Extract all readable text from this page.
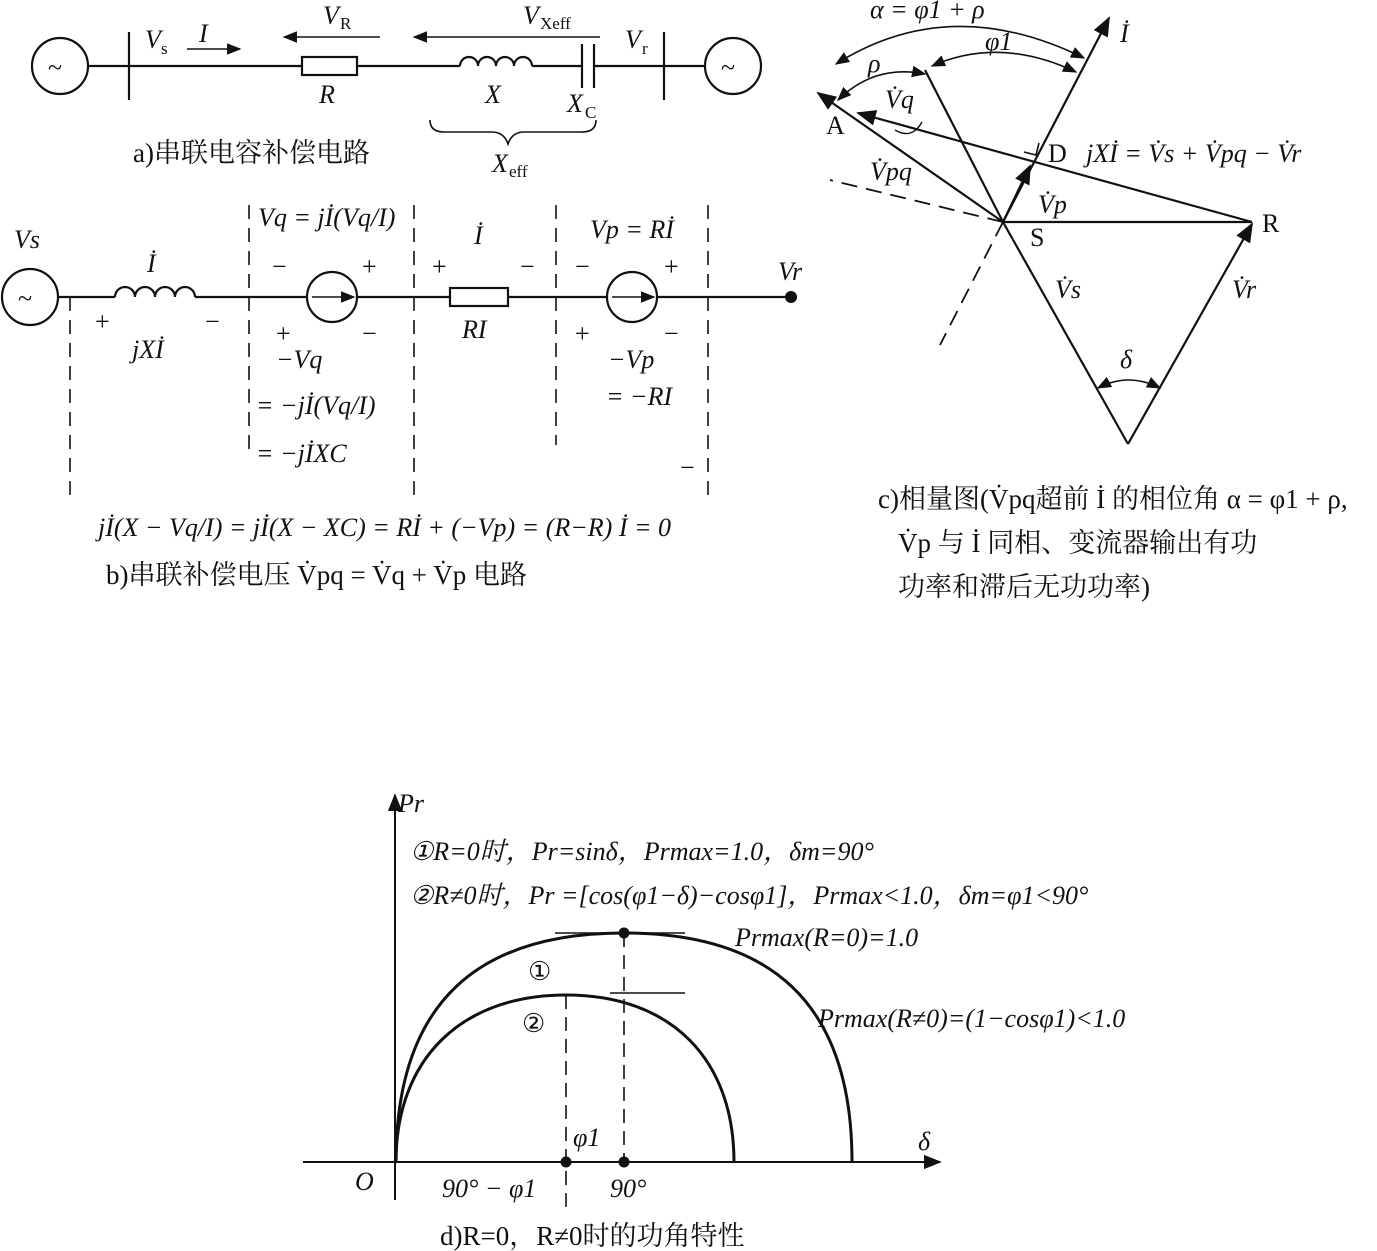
~	~
V s
I
V R
R
V Xeff
X	X C
V r
X eff
a)串联电容补偿电路
~
Vs
İ
+	−
jXİ
Vq = jİ(Vq/I)
−	+
+	−
−Vq
= −jİ(Vq/I)
= −jİXC
İ
+	−
RI
Vp = Rİ
−	+
+	−
−Vp
= −RI
−
Vr
jİ(X − Vq/I) = jİ(X − XC) = Rİ + (−Vp) = (R−R) İ = 0
b)串联补偿电压 V̇pq = V̇q + V̇p 电路
α = φ1 + ρ
φ1
ρ
İ
A
V̇q
V̇pq
D jXİ = V̇s + V̇pq − V̇r
V̇p
S	R
V̇s	V̇r
δ
c)相量图(V̇pq超前 İ 的相位角 α = φ1 + ρ,
V̇p 与 İ 同相、变流器输出有功
功率和滞后无功功率)
Pr
δ
O
①R=0时，Pr=sinδ，Prmax=1.0，δm=90°
②R≠0时，Pr =[cos(φ1−δ)−cosφ1]，Prmax<1.0，δm=φ1<90°
①
②
Prmax(R=0)=1.0
Prmax(R≠0)=(1−cosφ1)<1.0
φ1
90° − φ1	90°
d)R=0，R≠0时的功角特性
